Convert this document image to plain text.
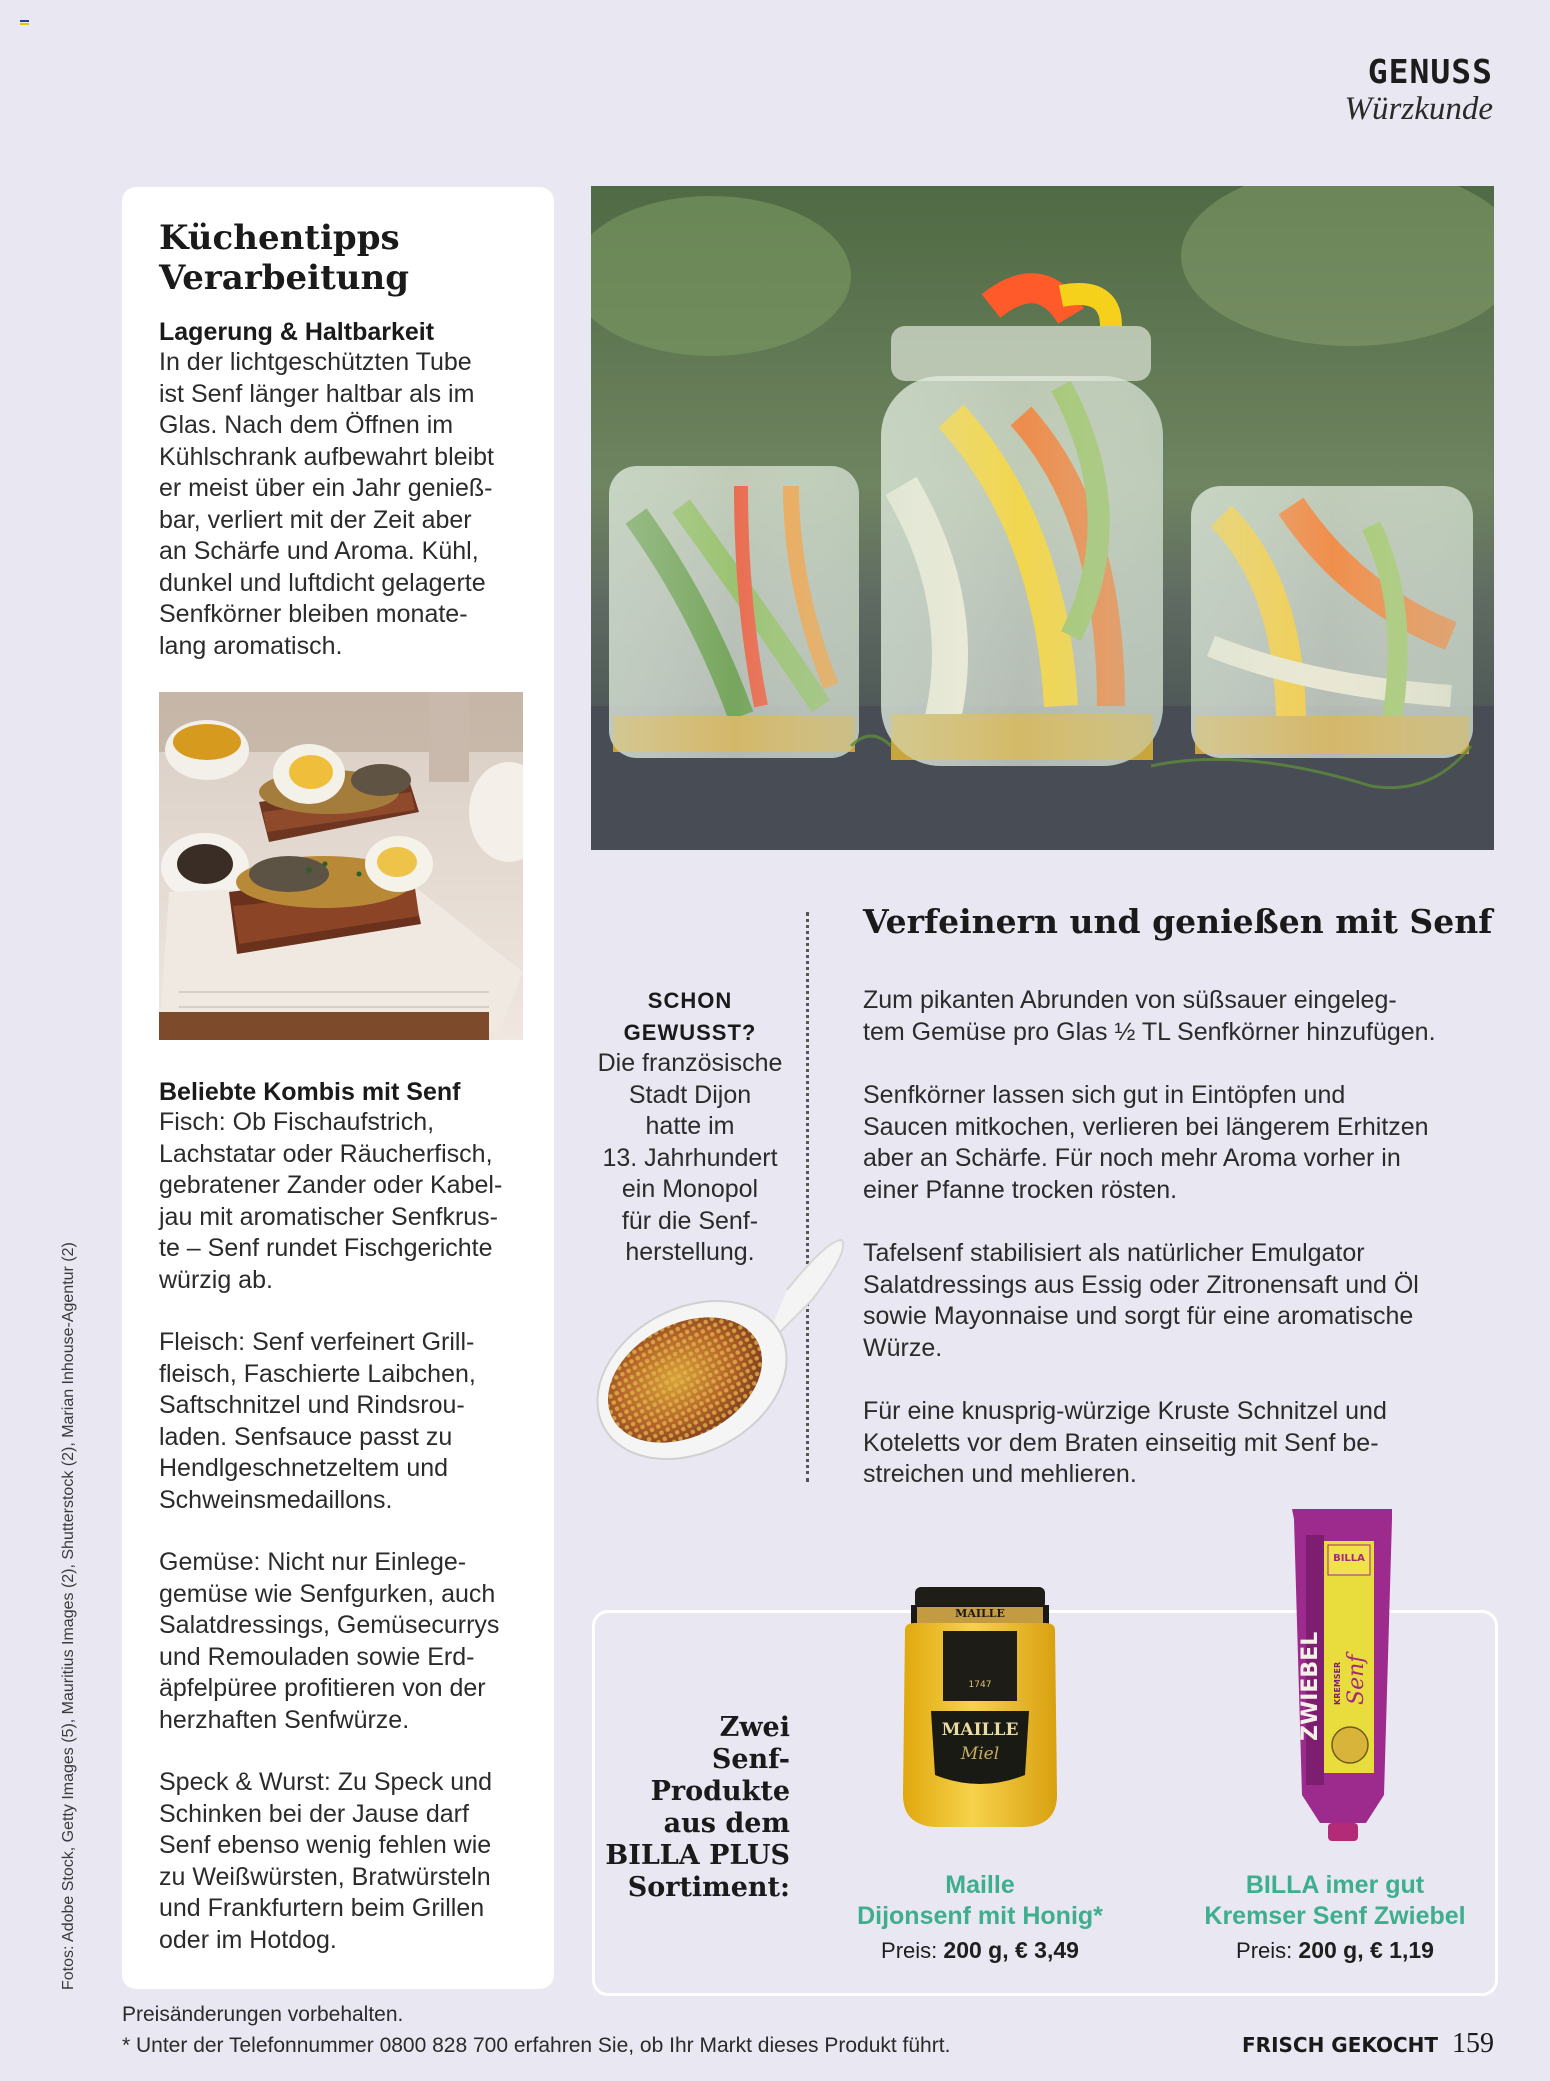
GENUSS
Würzkunde
Küchentipps
Verarbeitung
Lagerung & Haltbarkeit
In der lichtgeschützten Tube
ist Senf länger haltbar als im
Glas. Nach dem Öffnen im
Kühlschrank aufbewahrt bleibt
er meist über ein Jahr genieß-
bar, verliert mit der Zeit aber
an Schärfe und Aroma. Kühl,
dunkel und luftdicht gelagerte
Senfkörner bleiben monate-
lang aromatisch.
Beliebte Kombis mit Senf
Fisch: Ob Fischaufstrich,
Lachstatar oder Räucherfisch,
gebratener Zander oder Kabel-
jau mit aromatischer Senfkrus-
te – Senf rundet Fischgerichte
würzig ab.
Fleisch: Senf verfeinert Grill-
fleisch, Faschierte Laibchen,
Saftschnitzel und Rindsrou-
laden. Senfsauce passt zu
Hendlgeschnetzeltem und
Schweinsmedaillons.
Gemüse: Nicht nur Einlege-
gemüse wie Senfgurken, auch
Salatdressings, Gemüsecurrys
und Remouladen sowie Erd-
äpfelpüree profitieren von der
herzhaften Senfwürze.
Speck & Wurst: Zu Speck und
Schinken bei der Jause darf
Senf ebenso wenig fehlen wie
zu Weißwürsten, Bratwürsteln
und Frankfurtern beim Grillen
oder im Hotdog.
SCHON
GEWUSST?
Die französische
Stadt Dijon
hatte im
13. Jahrhundert
ein Monopol
für die Senf-
herstellung.
Verfeinern und genießen mit Senf
Zum pikanten Abrunden von süßsauer eingeleg-
tem Gemüse pro Glas ½ TL Senfkörner hinzufügen.
Senfkörner lassen sich gut in Eintöpfen und
Saucen mitkochen, verlieren bei längerem Erhitzen
aber an Schärfe. Für noch mehr Aroma vorher in
einer Pfanne trocken rösten.
Tafelsenf stabilisiert als natürlicher Emulgator
Salatdressings aus Essig oder Zitronensaft und Öl
sowie Mayonnaise und sorgt für eine aromatische
Würze.
Für eine knusprig-würzige Kruste Schnitzel und
Koteletts vor dem Braten einseitig mit Senf be-
streichen und mehlieren.
Zwei
Senf-
Produkte
aus dem
BILLA PLUS
Sortiment:
MAILLE
1747
MAILLE
Miel
BILLA
ZWIEBEL KREMSER Senf
Maille
Dijonsenf mit Honig*
Preis: 200 g, € 3,49
BILLA imer gut
Kremser Senf Zwiebel
Preis: 200 g, € 1,19
Fotos: Adobe Stock, Getty Images (5), Mauritius Images (2), Shutterstock (2), Marian Inhouse-Agentur (2)
Preisänderungen vorbehalten.
* Unter der Telefonnummer 0800 828 700 erfahren Sie, ob Ihr Markt dieses Produkt führt.	FRISCH GEKOCHT 159
